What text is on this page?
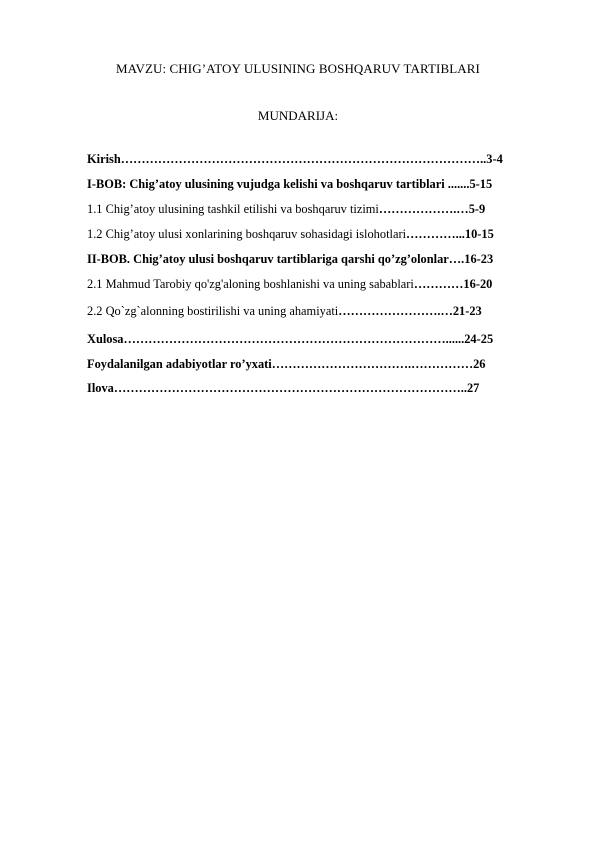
MAVZU: CHIG’ATOY ULUSINING BOSHQARUV TARTIBLARI
MUNDARIJA:
Kirish……………………………………………………………………………..3-4
I-BOB: Chig’atoy ulusining vujudga kelishi va boshqaruv tartiblari .......5-15
1.1 Chig’atoy ulusining tashkil etilishi va boshqaruv tizimi……………….…5-9
1.2 Chig’atoy ulusi xonlarining boshqaruv sohasidagi islohotlari…………...10-15
II-BOB. Chig’atoy ulusi boshqaruv tartiblariga qarshi qo’zg’olonlar….16-23
2.1 Mahmud Tarobiy qo'zg'aloning boshlanishi va uning sabablari…………16-20
2.2 Qo`zg`alonning bostirilishi va uning ahamiyati…………………….…21-23
Xulosa……………………………………………………………………......24-25
Foydalanilgan adabiyotlar ro’yxati…………………………….……………26
Ilova…………………………………………………………………………..27
